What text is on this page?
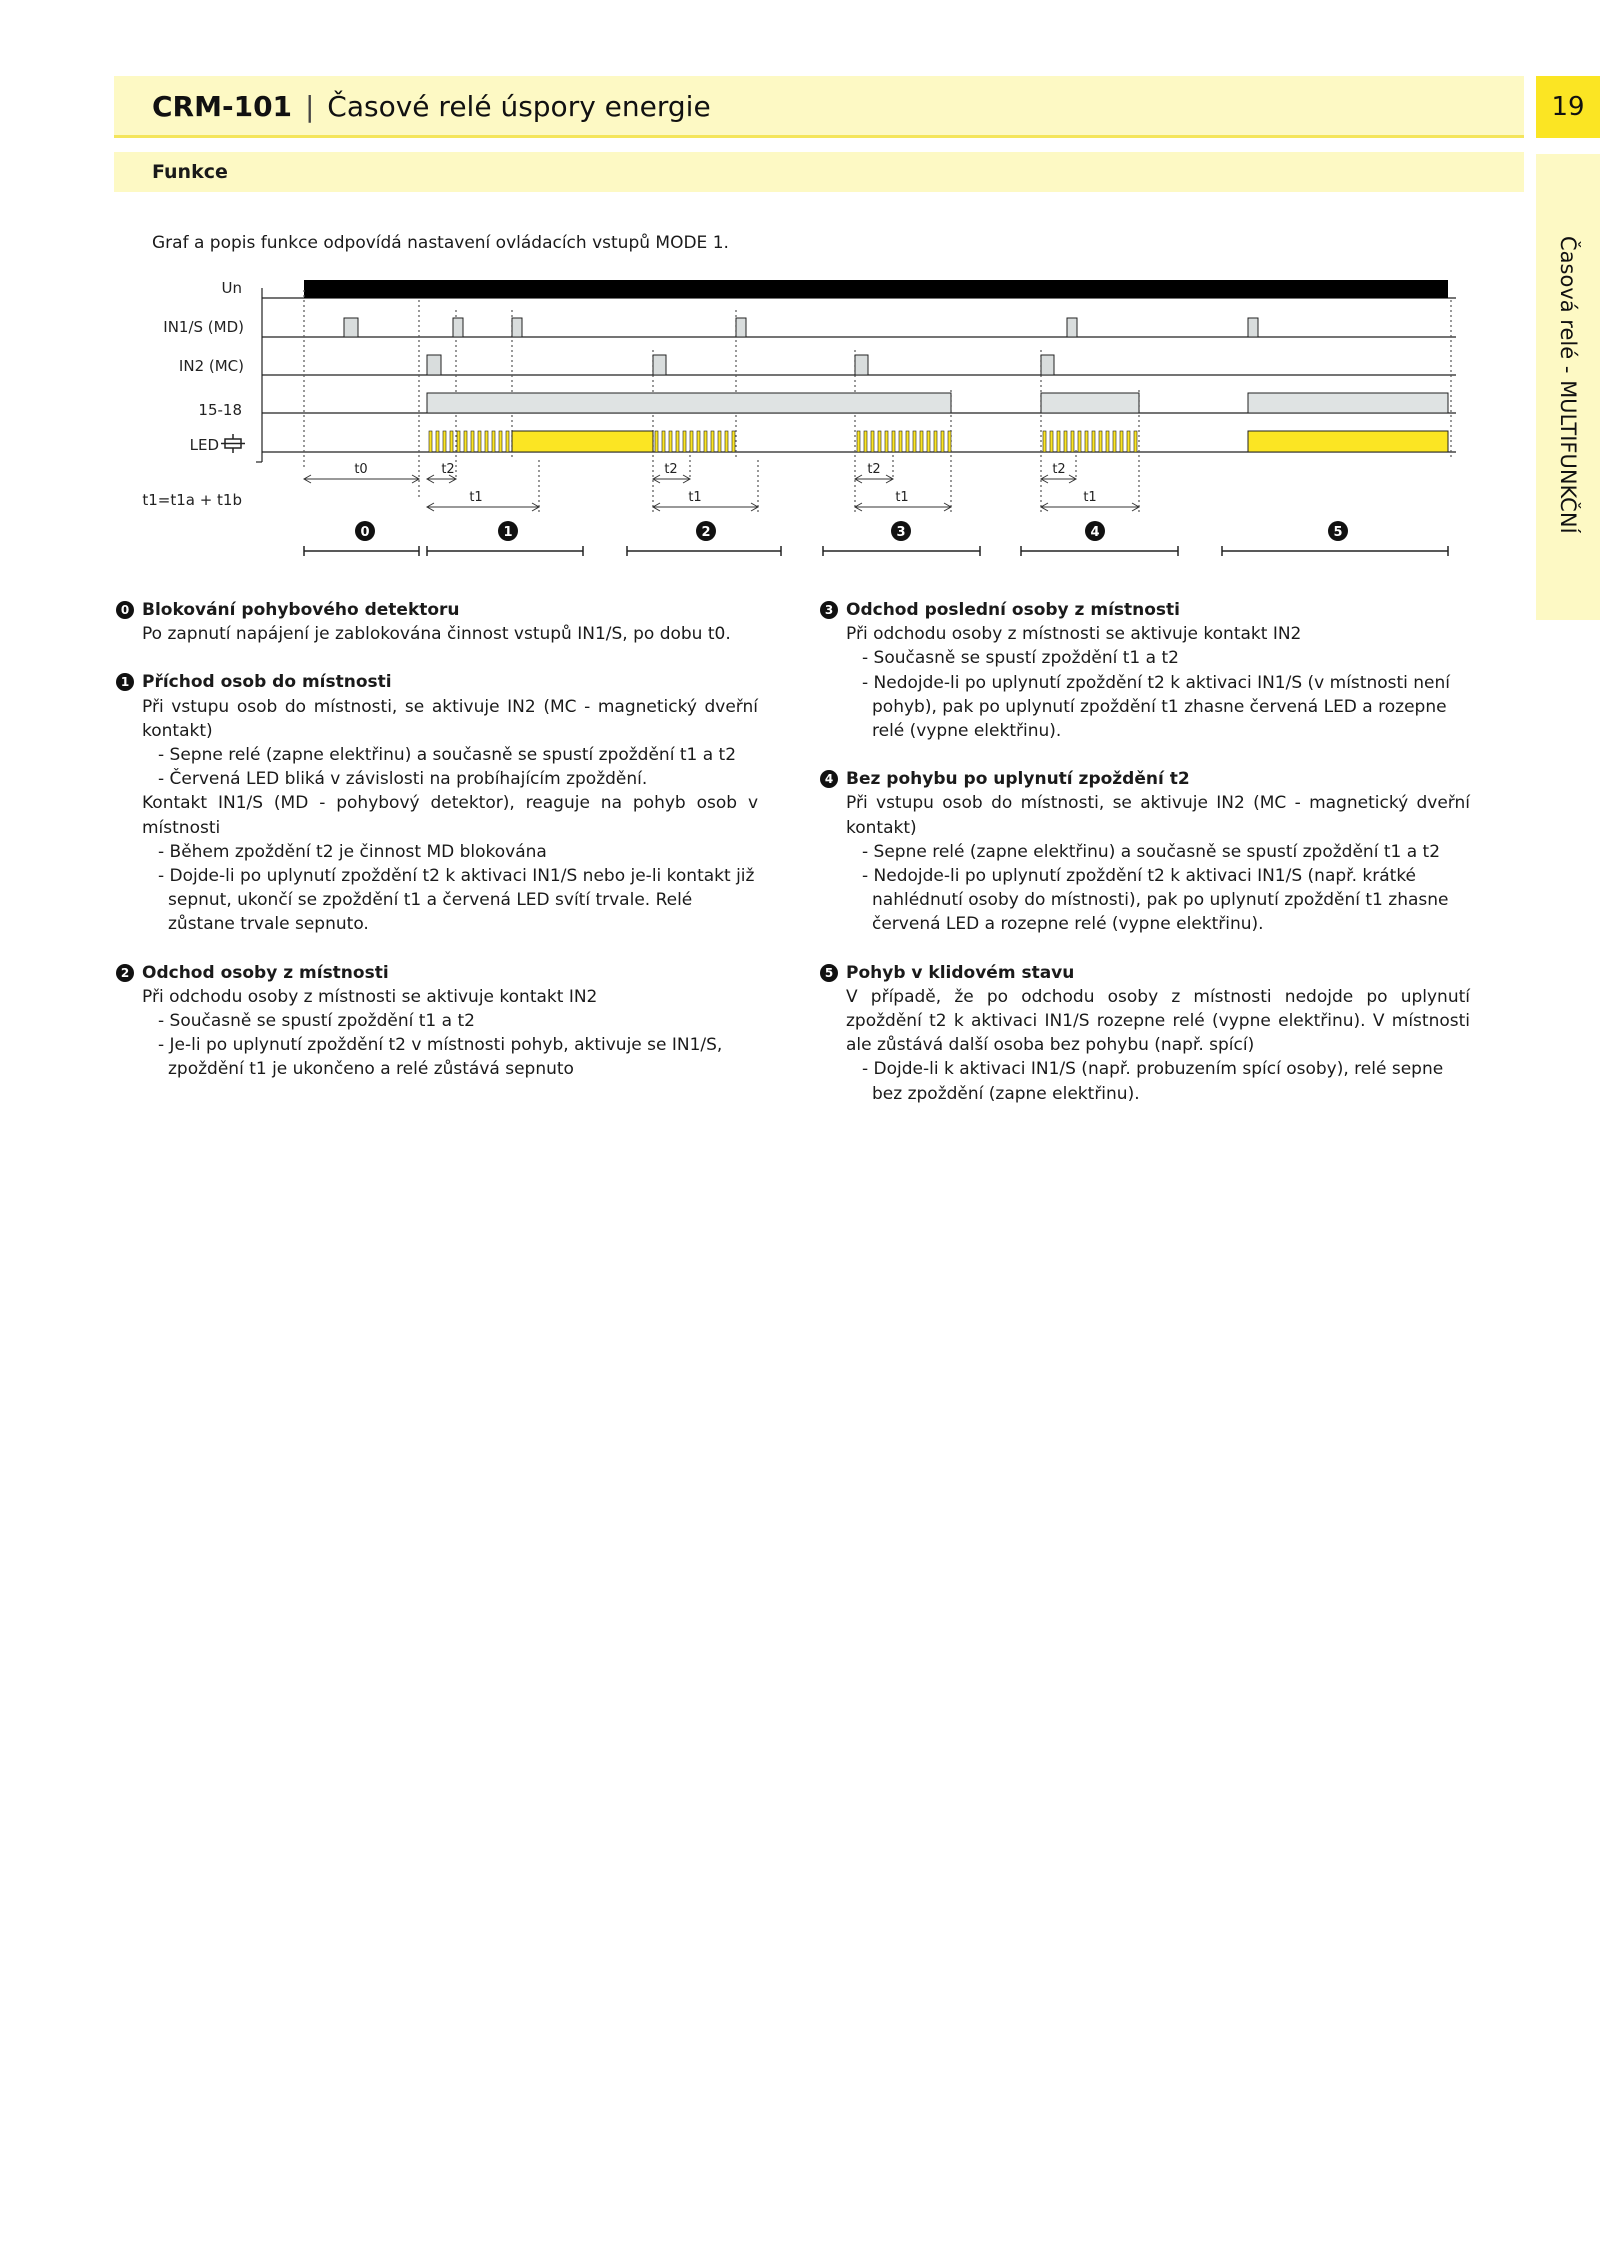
CRM-101 | Časové relé úspory energie	19
Časová relé - MULTIFUNKČNÍ
Funkce
Graf a popis funkce odpovídá nastavení ovládacích vstupů MODE 1.
Un
IN1/S (MD)
IN2 (MC)
15-18
LED
t1=t1a + t1b
t0	t2	t2	t2	t2
t1	t1	t1	t1
0	1	2	3	4	5
0 Blokování pohybového detektoru
Po zapnutí napájení je zablokována činnost vstupů IN1/S, po dobu t0.
1 Příchod osob do místnosti
Při vstupu osob do místnosti, se aktivuje IN2 (MC - magnetický dveřní kontakt)
- Sepne relé (zapne elektřinu) a současně se spustí zpoždění t1 a t2
- Červená LED bliká v závislosti na probíhajícím zpoždění.
Kontakt IN1/S (MD - pohybový detektor), reaguje na pohyb osob v místnosti
- Během zpoždění t2 je činnost MD blokována
- Dojde-li po uplynutí zpoždění t2 k aktivaci IN1/S nebo je-li kontakt již sepnut, ukončí se zpoždění t1 a červená LED svítí trvale. Relé zůstane trvale sepnuto.
2 Odchod osoby z místnosti
Při odchodu osoby z místnosti se aktivuje kontakt IN2
- Současně se spustí zpoždění t1 a t2
- Je-li po uplynutí zpoždění t2 v místnosti pohyb, aktivuje se IN1/S, zpoždění t1 je ukončeno a relé zůstává sepnuto
3 Odchod poslední osoby z místnosti
Při odchodu osoby z místnosti se aktivuje kontakt IN2
- Současně se spustí zpoždění t1 a t2
- Nedojde-li po uplynutí zpoždění t2 k aktivaci IN1/S (v místnosti není pohyb), pak po uplynutí zpoždění t1 zhasne červená LED a rozepne relé (vypne elektřinu).
4 Bez pohybu po uplynutí zpoždění t2
Při vstupu osob do místnosti, se aktivuje IN2 (MC - magnetický dveřní kontakt)
- Sepne relé (zapne elektřinu) a současně se spustí zpoždění t1 a t2
- Nedojde-li po uplynutí zpoždění t2 k aktivaci IN1/S (např. krátké nahlédnutí osoby do místnosti), pak po uplynutí zpoždění t1 zhasne červená LED a rozepne relé (vypne elektřinu).
5 Pohyb v klidovém stavu
V případě, že po odchodu osoby z místnosti nedojde po uplynutí zpoždění t2 k aktivaci IN1/S rozepne relé (vypne elektřinu). V místnosti ale zůstává další osoba bez pohybu (např. spící)
- Dojde-li k aktivaci IN1/S (např. probuzením spící osoby), relé sepne bez zpoždění (zapne elektřinu).
